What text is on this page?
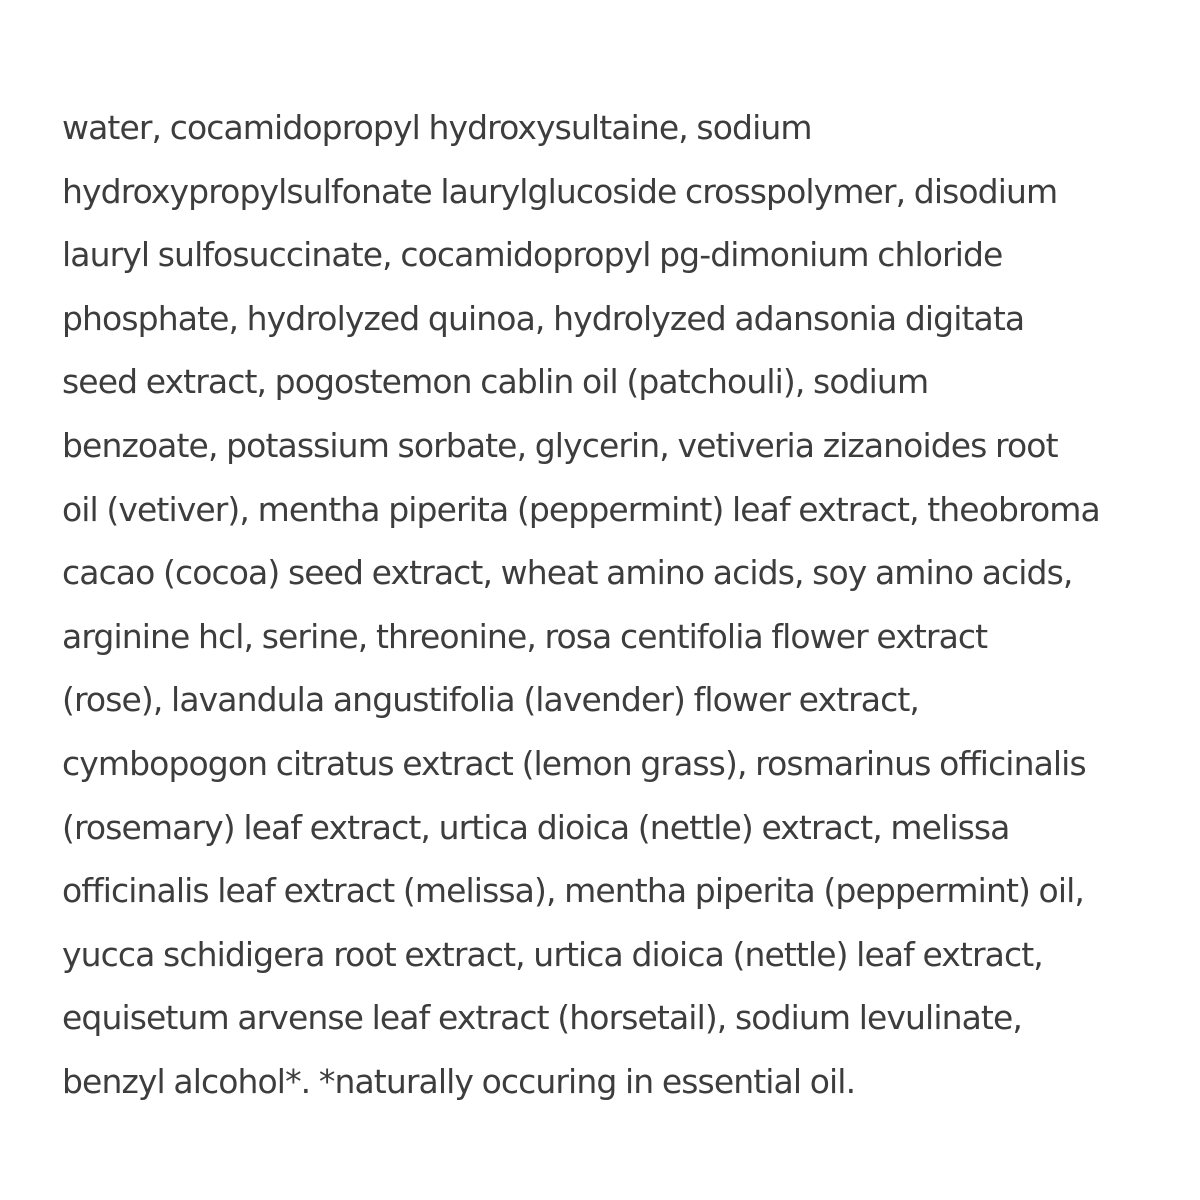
water, cocamidopropyl hydroxysultaine, sodium
hydroxypropylsulfonate laurylglucoside crosspolymer, disodium
lauryl sulfosuccinate, cocamidopropyl pg-dimonium chloride
phosphate, hydrolyzed quinoa, hydrolyzed adansonia digitata
seed extract, pogostemon cablin oil (patchouli), sodium
benzoate, potassium sorbate, glycerin, vetiveria zizanoides root
oil (vetiver), mentha piperita (peppermint) leaf extract, theobroma
cacao (cocoa) seed extract, wheat amino acids, soy amino acids,
arginine hcl, serine, threonine, rosa centifolia flower extract
(rose), lavandula angustifolia (lavender) flower extract,
cymbopogon citratus extract (lemon grass), rosmarinus officinalis
(rosemary) leaf extract, urtica dioica (nettle) extract, melissa
officinalis leaf extract (melissa), mentha piperita (peppermint) oil,
yucca schidigera root extract, urtica dioica (nettle) leaf extract,
equisetum arvense leaf extract (horsetail), sodium levulinate,
benzyl alcohol*. *naturally occuring in essential oil.
